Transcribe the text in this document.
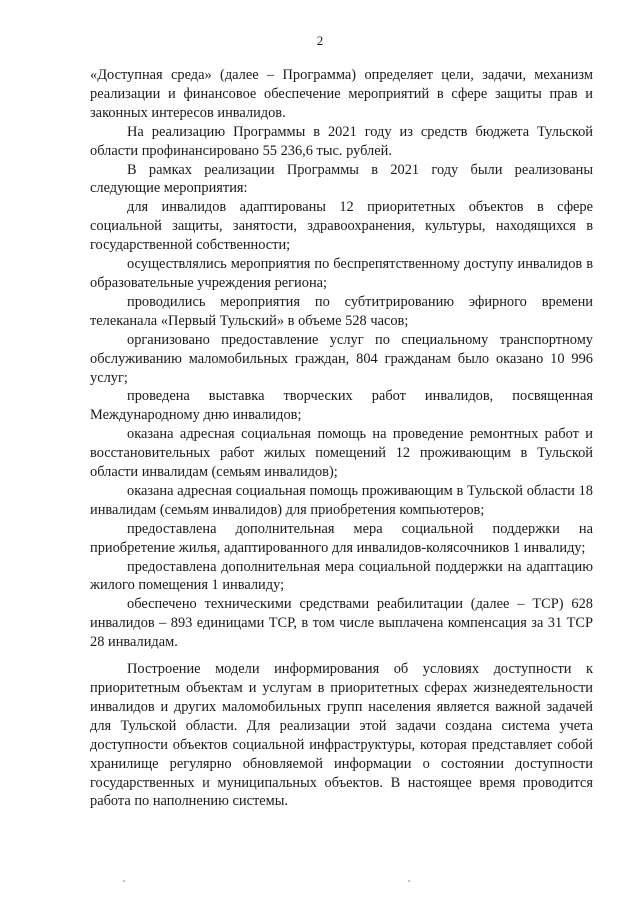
2

«Доступная среда» (далее – Программа) определяет цели, задачи, механизм реализации и финансовое обеспечение мероприятий в сфере защиты прав и законных интересов инвалидов.

На реализацию Программы в 2021 году из средств бюджета Тульской области профинансировано 55 236,6 тыс. рублей.

В рамках реализации Программы в 2021 году были реализованы следующие мероприятия:

для инвалидов адаптированы 12 приоритетных объектов в сфере социальной защиты, занятости, здравоохранения, культуры, находящихся в государственной собственности;

осуществлялись мероприятия по беспрепятственному доступу инвалидов в образовательные учреждения региона;

проводились мероприятия по субтитрированию эфирного времени телеканала «Первый Тульский» в объеме 528 часов;

организовано предоставление услуг по специальному транспортному обслуживанию маломобильных граждан, 804 гражданам было оказано 10 996 услуг;

проведена выставка творческих работ инвалидов, посвященная Международному дню инвалидов;

оказана адресная социальная помощь на проведение ремонтных работ и восстановительных работ жилых помещений 12 проживающим в Тульской области инвалидам (семьям инвалидов);

оказана адресная социальная помощь проживающим в Тульской области 18 инвалидам (семьям инвалидов) для приобретения компьютеров;

предоставлена дополнительная мера социальной поддержки на приобретение жилья, адаптированного для инвалидов-колясочников 1 инвалиду;

предоставлена дополнительная мера социальной поддержки на адаптацию жилого помещения 1 инвалиду;

обеспечено техническими средствами реабилитации (далее – ТСР) 628 инвалидов – 893 единицами ТСР, в том числе выплачена компенсация за 31 ТСР 28 инвалидам.

Построение модели информирования об условиях доступности к приоритетным объектам и услугам в приоритетных сферах жизнедеятельности инвалидов и других маломобильных групп населения является важной задачей для Тульской области. Для реализации этой задачи создана система учета доступности объектов социальной инфраструктуры, которая представляет собой хранилище регулярно обновляемой информации о состоянии доступности государственных и муниципальных объектов. В настоящее время проводится работа по наполнению системы.
